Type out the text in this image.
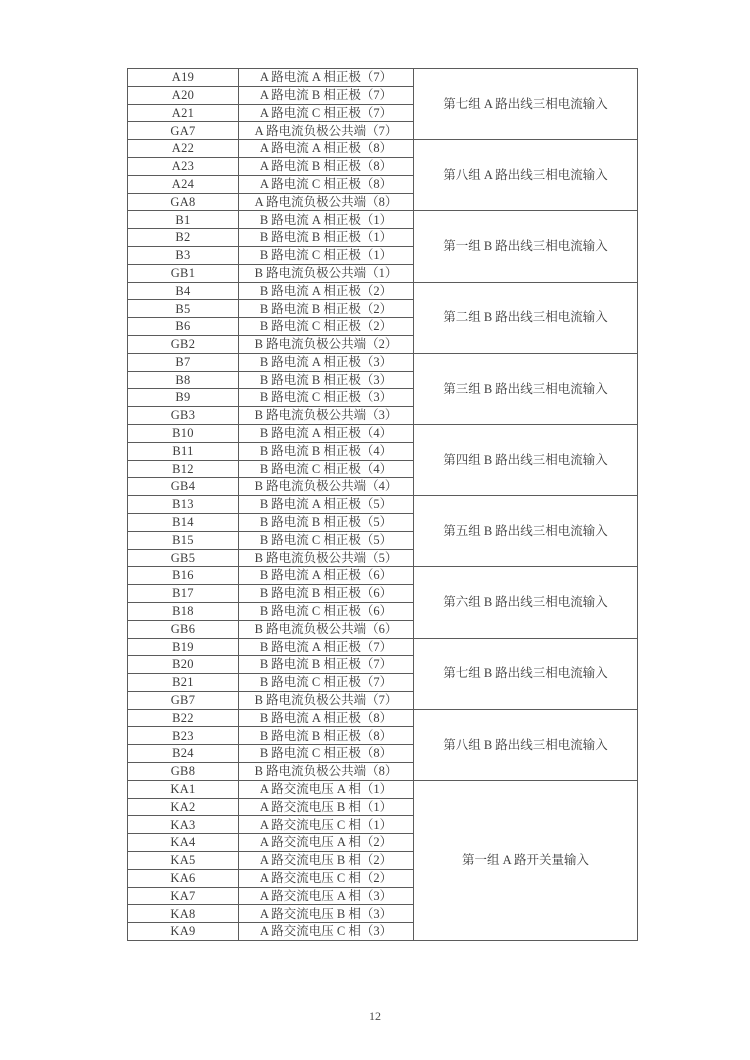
A19	A 路电流 A 相正极（7）	第七组 A 路出线三相电流输入
A20	A 路电流 B 相正极（7）	
A21	A 路电流 C 相正极（7）	
GA7	A 路电流负极公共端（7）	
A22	A 路电流 A 相正极（8）	第八组 A 路出线三相电流输入
A23	A 路电流 B 相正极（8）	
A24	A 路电流 C 相正极（8）	
GA8	A 路电流负极公共端（8）	
B1	B 路电流 A 相正极（1）	第一组 B 路出线三相电流输入
B2	B 路电流 B 相正极（1）	
B3	B 路电流 C 相正极（1）	
GB1	B 路电流负极公共端（1）	
B4	B 路电流 A 相正极（2）	第二组 B 路出线三相电流输入
B5	B 路电流 B 相正极（2）	
B6	B 路电流 C 相正极（2）	
GB2	B 路电流负极公共端（2）	
B7	B 路电流 A 相正极（3）	第三组 B 路出线三相电流输入
B8	B 路电流 B 相正极（3）	
B9	B 路电流 C 相正极（3）	
GB3	B 路电流负极公共端（3）	
B10	B 路电流 A 相正极（4）	第四组 B 路出线三相电流输入
B11	B 路电流 B 相正极（4）	
B12	B 路电流 C 相正极（4）	
GB4	B 路电流负极公共端（4）	
B13	B 路电流 A 相正极（5）	第五组 B 路出线三相电流输入
B14	B 路电流 B 相正极（5）	
B15	B 路电流 C 相正极（5）	
GB5	B 路电流负极公共端（5）	
B16	B 路电流 A 相正极（6）	第六组 B 路出线三相电流输入
B17	B 路电流 B 相正极（6）	
B18	B 路电流 C 相正极（6）	
GB6	B 路电流负极公共端（6）	
B19	B 路电流 A 相正极（7）	第七组 B 路出线三相电流输入
B20	B 路电流 B 相正极（7）	
B21	B 路电流 C 相正极（7）	
GB7	B 路电流负极公共端（7）	
B22	B 路电流 A 相正极（8）	第八组 B 路出线三相电流输入
B23	B 路电流 B 相正极（8）	
B24	B 路电流 C 相正极（8）	
GB8	B 路电流负极公共端（8）	
KA1	A 路交流电压 A 相（1）	第一组 A 路开关量输入
KA2	A 路交流电压 B 相（1）	
KA3	A 路交流电压 C 相（1）	
KA4	A 路交流电压 A 相（2）	
KA5	A 路交流电压 B 相（2）	
KA6	A 路交流电压 C 相（2）	
KA7	A 路交流电压 A 相（3）	
KA8	A 路交流电压 B 相（3）	
KA9	A 路交流电压 C 相（3）	
12
